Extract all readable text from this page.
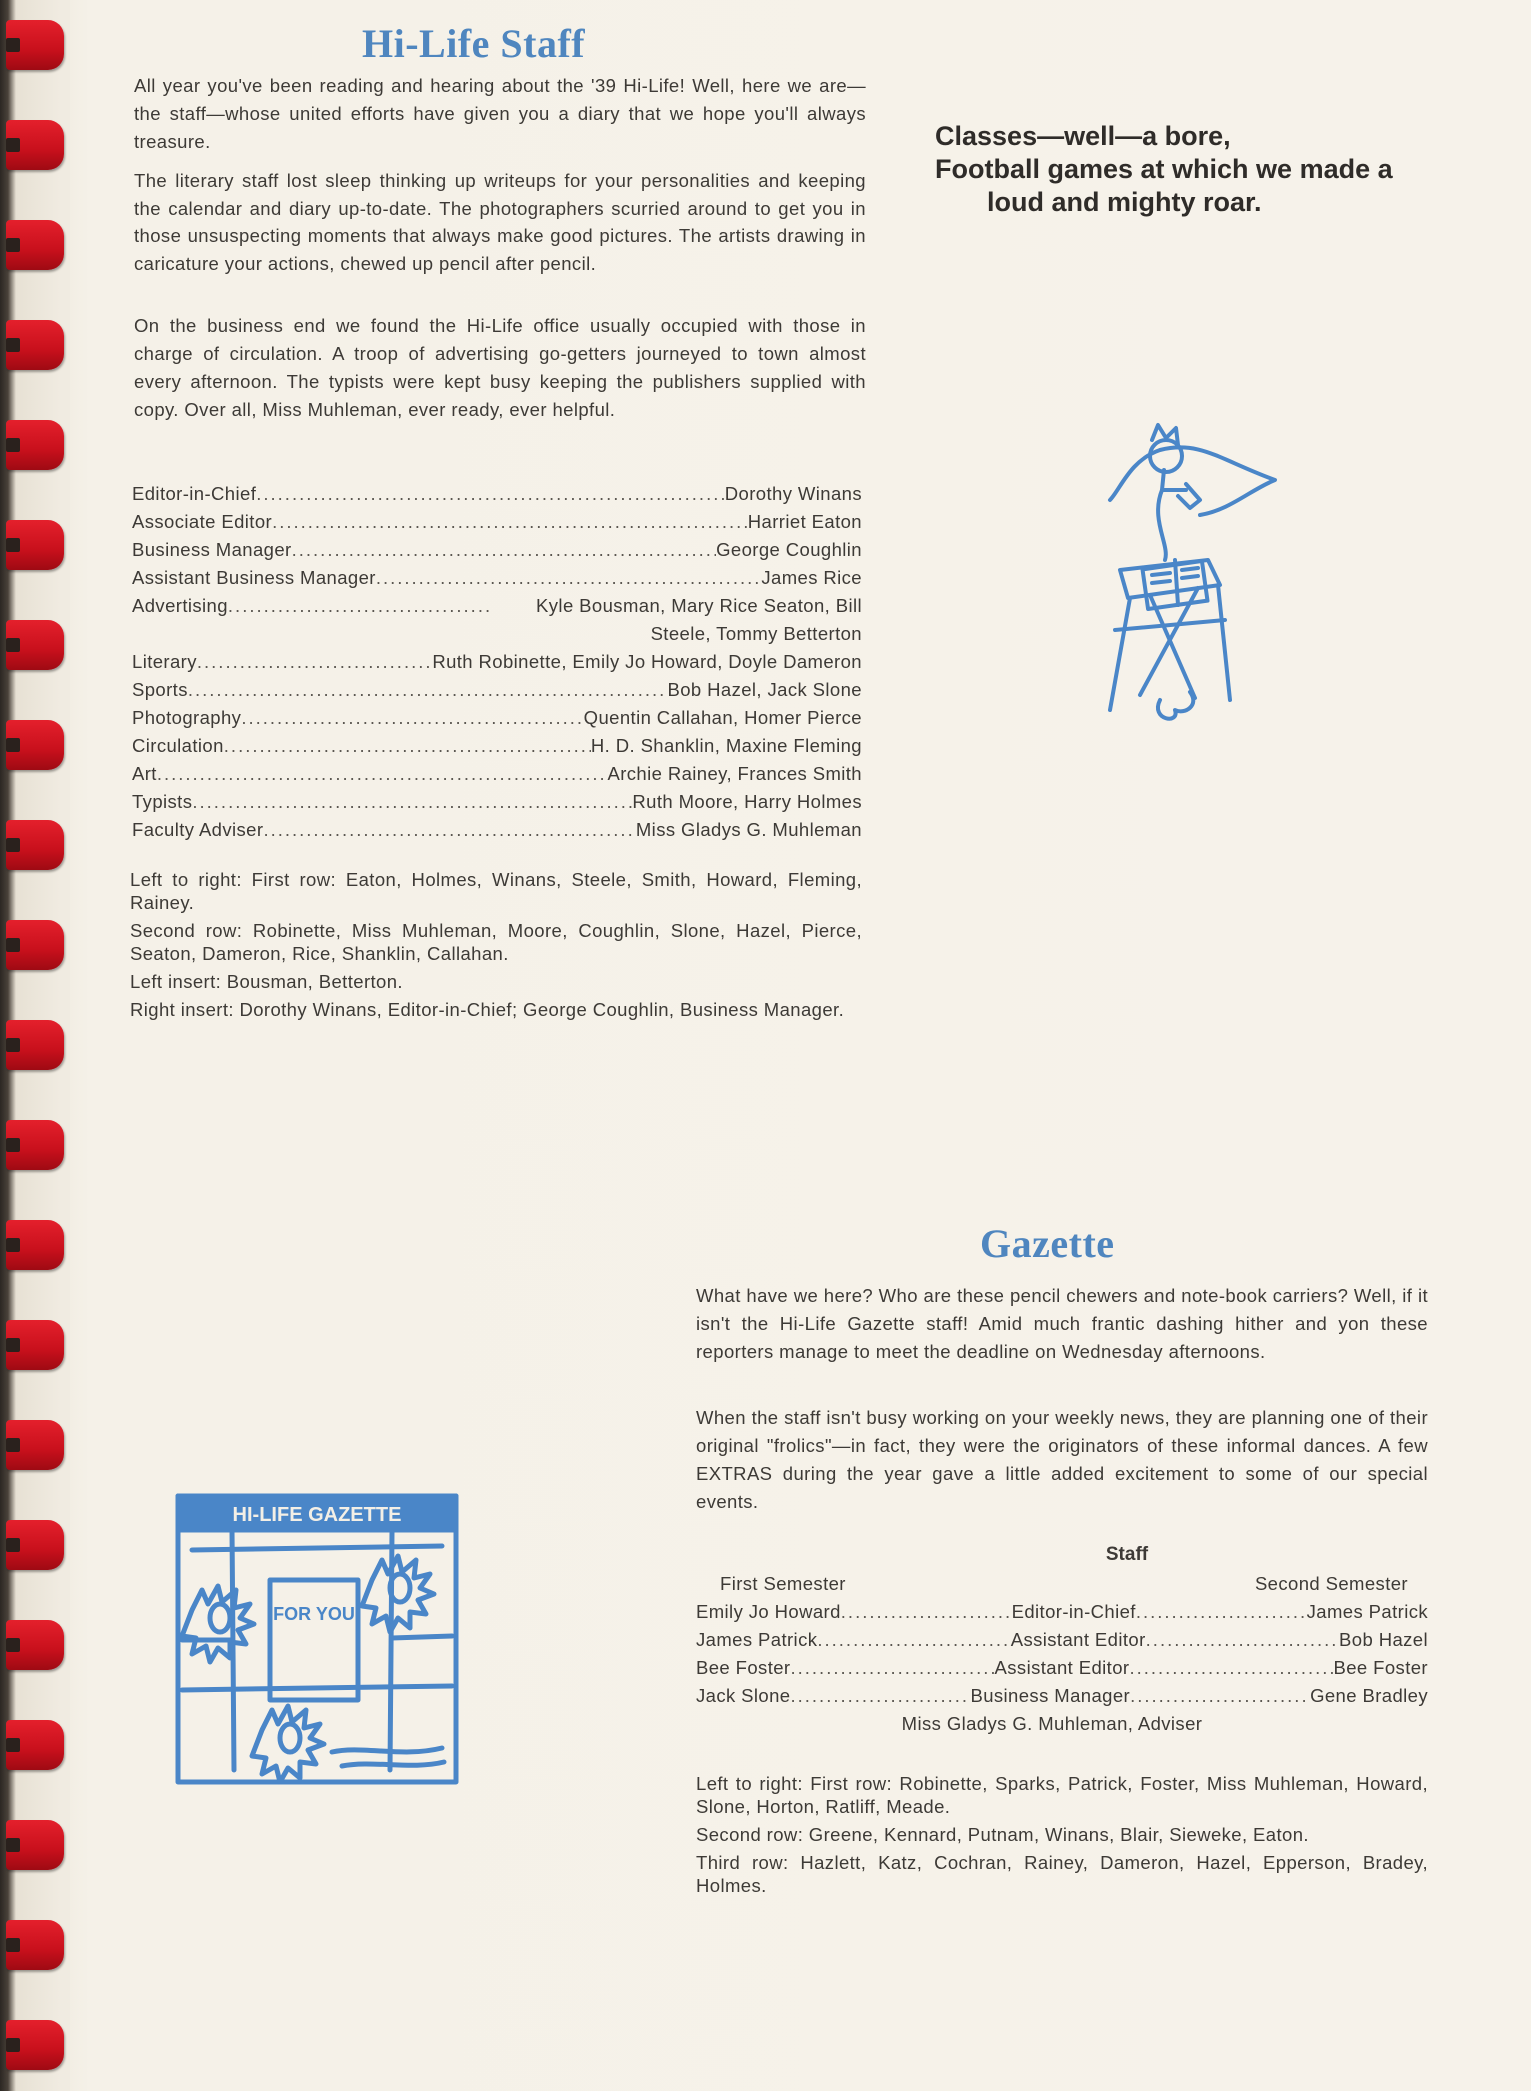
Hi-Life Staff

All year you've been reading and hearing about the '39 Hi-Life! Well, here we are—the staff—whose united efforts have given you a diary that we hope you'll always treasure.

The literary staff lost sleep thinking up writeups for your personalities and keeping the calendar and diary up-to-date. The photographers scurried around to get you in those unsuspecting moments that always make good pictures. The artists drawing in caricature your actions, chewed up pencil after pencil.

On the business end we found the Hi-Life office usually occupied with those in charge of circulation. A troop of advertising go-getters journeyed to town almost every afternoon. The typists were kept busy keeping the publishers supplied with copy. Over all, Miss Muhleman, ever ready, ever helpful.

Editor-in-Chief .....	Dorothy Winans
Associate Editor .....	Harriet Eaton
Business Manager .....	George Coughlin
Assistant Business Manager .....	James Rice
Advertising .....	Kyle Bousman, Mary Rice Seaton, Bill Steele, Tommy Betterton
Literary .....	Ruth Robinette, Emily Jo Howard, Doyle Dameron
Sports .....	Bob Hazel, Jack Slone
Photography .....	Quentin Callahan, Homer Pierce
Circulation .....	H. D. Shanklin, Maxine Fleming
Art .....	Archie Rainey, Frances Smith
Typists .....	Ruth Moore, Harry Holmes
Faculty Adviser .....	Miss Gladys G. Muhleman

Left to right: First row: Eaton, Holmes, Winans, Steele, Smith, Howard, Fleming, Rainey.

Second row: Robinette, Miss Muhleman, Moore, Coughlin, Slone, Hazel, Pierce, Seaton, Dameron, Rice, Shanklin, Callahan.

Left insert: Bousman, Betterton.

Right insert: Dorothy Winans, Editor-in-Chief; George Coughlin, Business Manager.

Classes—well—a bore,
Football games at which we made a
loud and mighty roar.
Gazette

What have we here? Who are these pencil chewers and note-book carriers? Well, if it isn't the Hi-Life Gazette staff! Amid much frantic dashing hither and yon these reporters manage to meet the deadline on Wednesday afternoons.

When the staff isn't busy working on your weekly news, they are planning one of their original "frolics"—in fact, they were the originators of these informal dances. A few EXTRAS during the year gave a little added excitement to some of our special events.

Staff
First Semester	Second Semester
Emily Jo Howard .....	Editor-in-Chief .....	James Patrick
James Patrick .....	Assistant Editor .....	Bob Hazel
Bee Foster .....	Assistant Editor .....	Bee Foster
Jack Slone .....	Business Manager .....	Gene Bradley
Miss Gladys G. Muhleman, Adviser

Left to right: First row: Robinette, Sparks, Patrick, Foster, Miss Muhleman, Howard, Slone, Horton, Ratliff, Meade.

Second row: Greene, Kennard, Putnam, Winans, Blair, Sieweke, Eaton.

Third row: Hazlett, Katz, Cochran, Rainey, Dameron, Hazel, Epperson, Bradey, Holmes.

HI-LIFE GAZETTE
FOR YOU
